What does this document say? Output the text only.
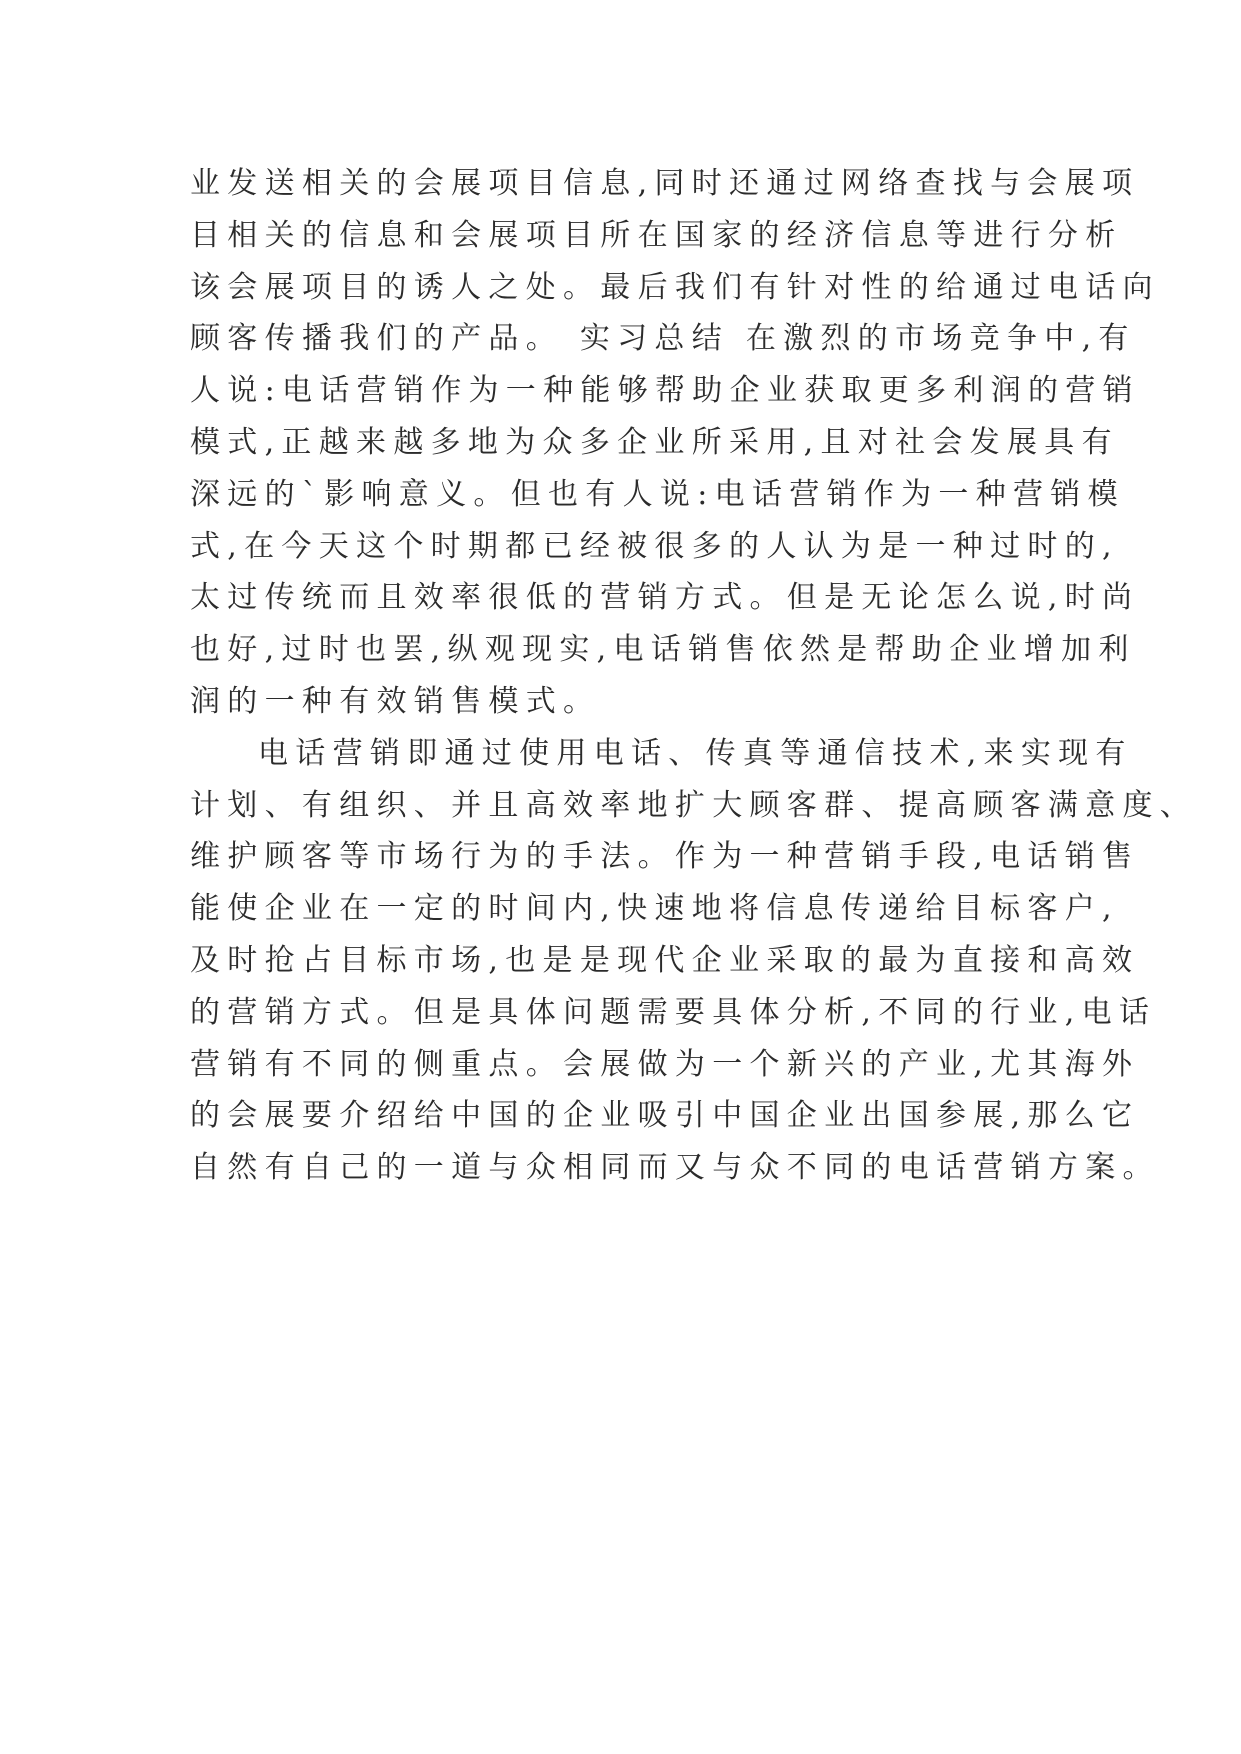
业发送相关的会展项目信息,同时还通过网络查找与会展项
目相关的信息和会展项目所在国家的经济信息等进行分析
该会展项目的诱人之处。最后我们有针对性的给通过电话向
顾客传播我们的产品。 实习总结 在激烈的市场竞争中,有
人说:电话营销作为一种能够帮助企业获取更多利润的营销
模式,正越来越多地为众多企业所采用,且对社会发展具有
深远的`影响意义。但也有人说:电话营销作为一种营销模
式,在今天这个时期都已经被很多的人认为是一种过时的,
太过传统而且效率很低的营销方式。但是无论怎么说,时尚
也好,过时也罢,纵观现实,电话销售依然是帮助企业增加利
润的一种有效销售模式。
电话营销即通过使用电话、传真等通信技术,来实现有
计划、有组织、并且高效率地扩大顾客群、提高顾客满意度、
维护顾客等市场行为的手法。作为一种营销手段,电话销售
能使企业在一定的时间内,快速地将信息传递给目标客户,
及时抢占目标市场,也是是现代企业采取的最为直接和高效
的营销方式。但是具体问题需要具体分析,不同的行业,电话
营销有不同的侧重点。会展做为一个新兴的产业,尤其海外
的会展要介绍给中国的企业吸引中国企业出国参展,那么它
自然有自己的一道与众相同而又与众不同的电话营销方案。
